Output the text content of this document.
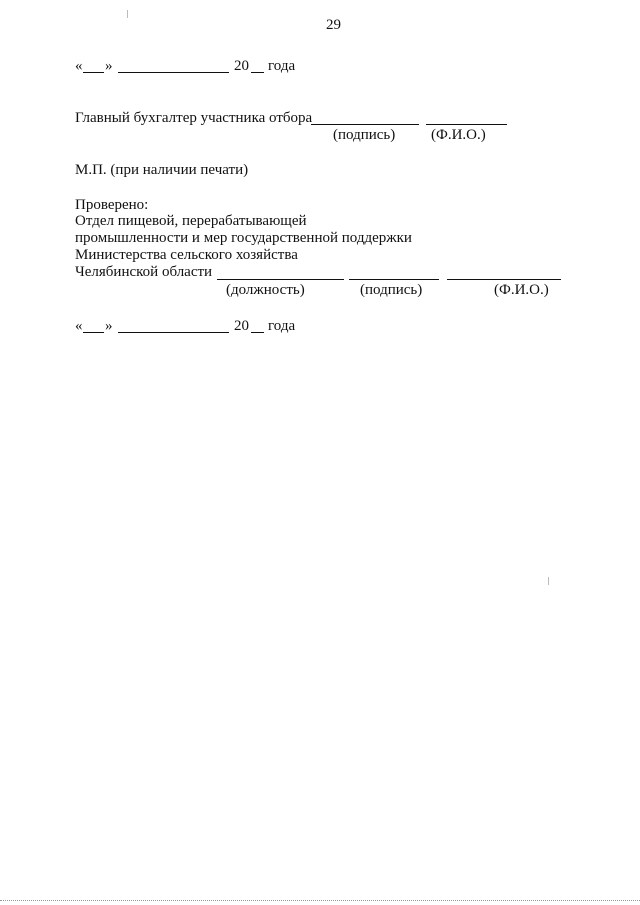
29
« »	20 года
Главный бухгалтер участника отбора
(подпись) (Ф.И.О.)
М.П. (при наличии печати)
Проверено:
Отдел пищевой, перерабатывающей
промышленности и мер государственной поддержки
Министерства сельского хозяйства
Челябинской области
(должность)	(подпись)	(Ф.И.О.)
« »	20 года
